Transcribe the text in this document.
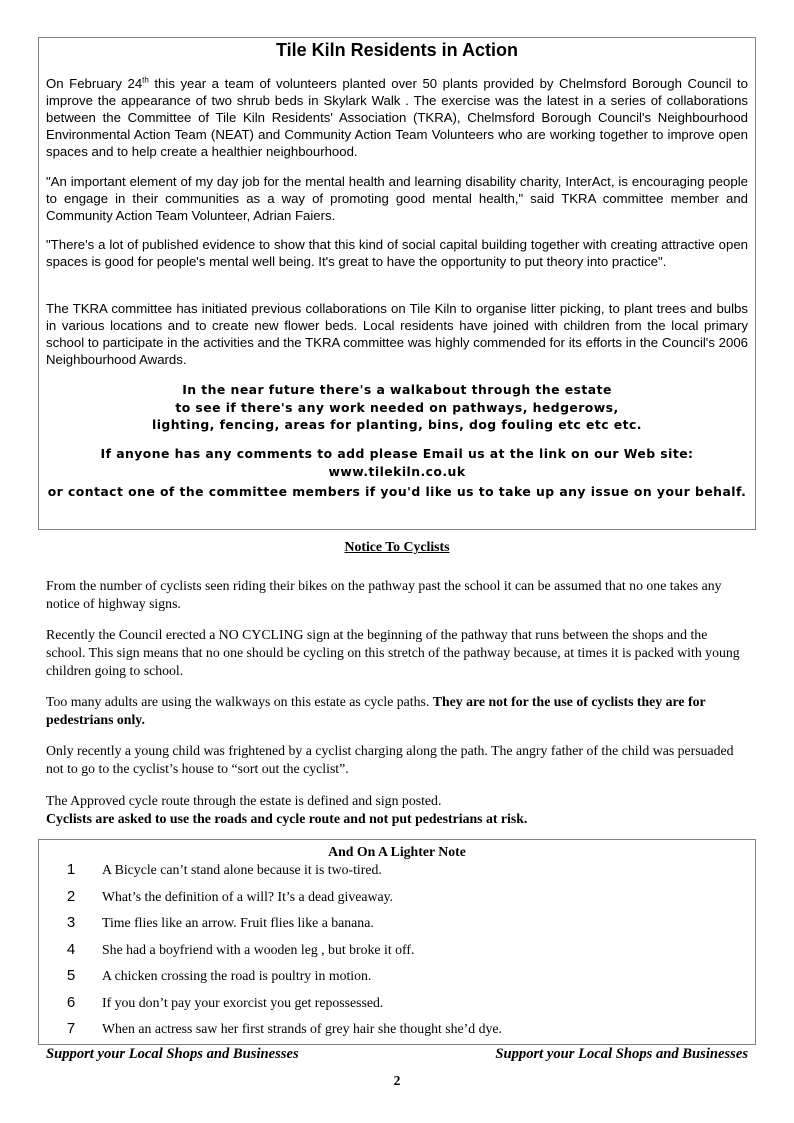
Tile Kiln Residents in Action

On February 24th this year a team of volunteers planted over 50 plants provided by Chelmsford Borough Council to improve the appearance of two shrub beds in Skylark Walk . The exercise was the latest in a series of collaborations between the Committee of Tile Kiln Residents' Association (TKRA), Chelmsford Borough Council's Neighbourhood Environmental Action Team (NEAT) and Community Action Team Volunteers who are working together to improve open spaces and to help create a healthier neighbourhood.

"An important element of my day job for the mental health and learning disability charity, InterAct, is encouraging people to engage in their communities as a way of promoting good mental health," said TKRA committee member and Community Action Team Volunteer, Adrian Faiers.

"There's a lot of published evidence to show that this kind of social capital building together with creating attractive open spaces is good for people's mental well being. It's great to have the opportunity to put theory into practice".

The TKRA committee has initiated previous collaborations on Tile Kiln to organise litter picking, to plant trees and bulbs in various locations and to create new flower beds. Local residents have joined with children from the local primary school to participate in the activities and the TKRA committee was highly commended for its efforts in the Council's 2006 Neighbourhood Awards.

In the near future there's a walkabout through the estate
to see if there's any work needed on pathways, hedgerows,
lighting, fencing, areas for planting, bins, dog fouling etc etc etc.
If anyone has any comments to add please Email us at the link on our Web site:
www.tilekiln.co.uk
or contact one of the committee members if you'd like us to take up any issue on your behalf.
Notice To Cyclists

From the number of cyclists seen riding their bikes on the pathway past the school it can be assumed that no one takes any notice of highway signs.

Recently the Council erected a NO CYCLING sign at the beginning of the pathway that runs between the shops and the school. This sign means that no one should be cycling on this stretch of the pathway because, at times it is packed with young children going to school.

Too many adults are using the walkways on this estate as cycle paths. They are not for the use of cyclists they are for pedestrians only.

Only recently a young child was frightened by a cyclist charging along the path. The angry father of the child was persuaded not to go to the cyclist’s house to “sort out the cyclist”.

The Approved cycle route through the estate is defined and sign posted.
Cyclists are asked to use the roads and cycle route and not put pedestrians at risk.

And On A Lighter Note
1 A Bicycle can’t stand alone because it is two-tired.
2 What’s the definition of a will? It’s a dead giveaway.
3 Time flies like an arrow. Fruit flies like a banana.
4 She had a boyfriend with a wooden leg , but broke it off.
5 A chicken crossing the road is poultry in motion.
6 If you don’t pay your exorcist you get repossessed.
7 When an actress saw her first strands of grey hair she thought she’d dye.
Support your Local Shops and Businesses	Support your Local Shops and Businesses
2
